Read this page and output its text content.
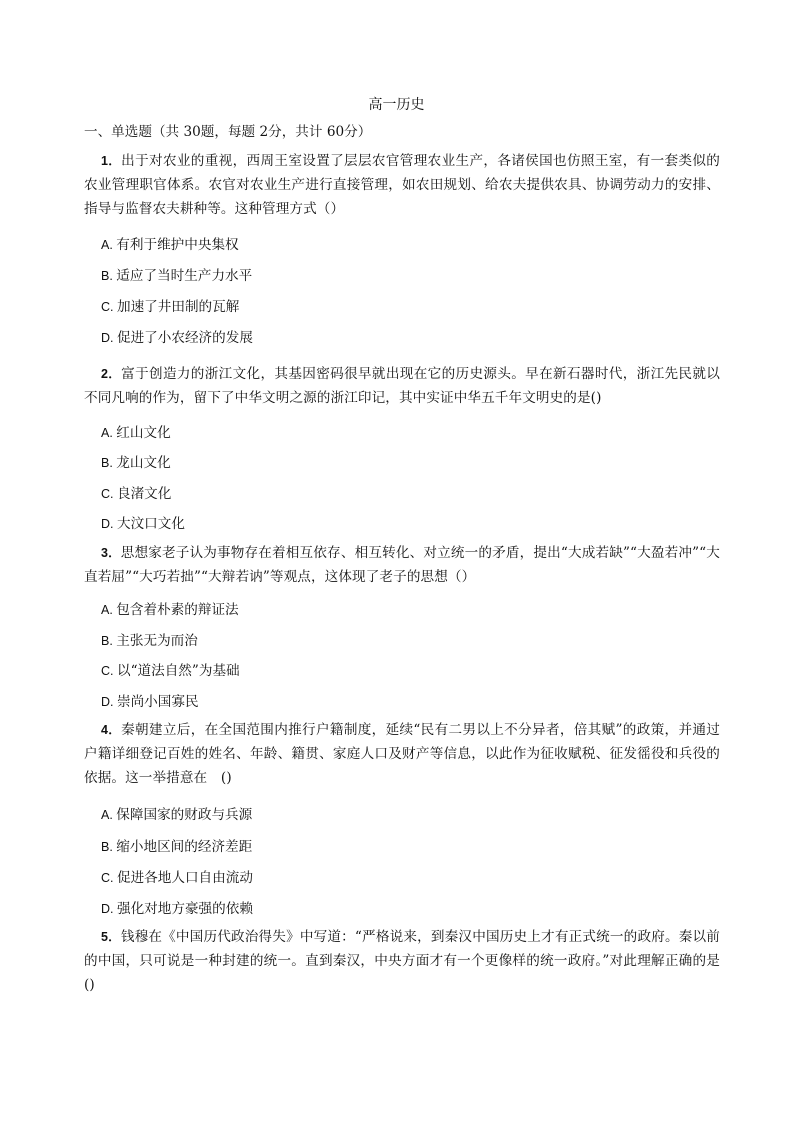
高一历史
一、单选题（共 30题，每题 2分，共计 60分）
1．出于对农业的重视，西周王室设置了层层农官管理农业生产，各诸侯国也仿照王室，有一套类似的农业管理职官体系。农官对农业生产进行直接管理，如农田规划、给农夫提供农具、协调劳动力的安排、指导与监督农夫耕种等。这种管理方式（）
A . 有利于维护中央集权
B . 适应了当时生产力水平
C . 加速了井田制的瓦解
D . 促进了小农经济的发展
2．富于创造力的浙江文化，其基因密码很早就出现在它的历史源头。早在新石器时代，浙江先民就以不同凡响的作为，留下了中华文明之源的浙江印记，其中实证中华五千年文明史的是()
A . 红山文化
B . 龙山文化
C . 良渚文化
D . 大汶口文化
3．思想家老子认为事物存在着相互依存、相互转化、对立统一的矛盾，提出“大成若缺”“大盈若冲”“大直若屈”“大巧若拙”“大辩若讷”等观点，这体现了老子的思想（）
A . 包含着朴素的辩证法
B . 主张无为而治
C . 以“道法自然”为基础
D . 崇尚小国寡民
4．秦朝建立后，在全国范围内推行户籍制度，延续“民有二男以上不分异者，倍其赋”的政策，并通过户籍详细登记百姓的姓名、年龄、籍贯、家庭人口及财产等信息，以此作为征收赋税、征发徭役和兵役的依据。这一举措意在　()
A . 保障国家的财政与兵源
B . 缩小地区间的经济差距
C . 促进各地人口自由流动
D . 强化对地方豪强的依赖
5．钱穆在《中国历代政治得失》中写道：“严格说来，到秦汉中国历史上才有正式统一的政府。秦以前的中国，只可说是一种封建的统一。直到秦汉，中央方面才有一个更像样的统一政府。”对此理解正确的是　()
